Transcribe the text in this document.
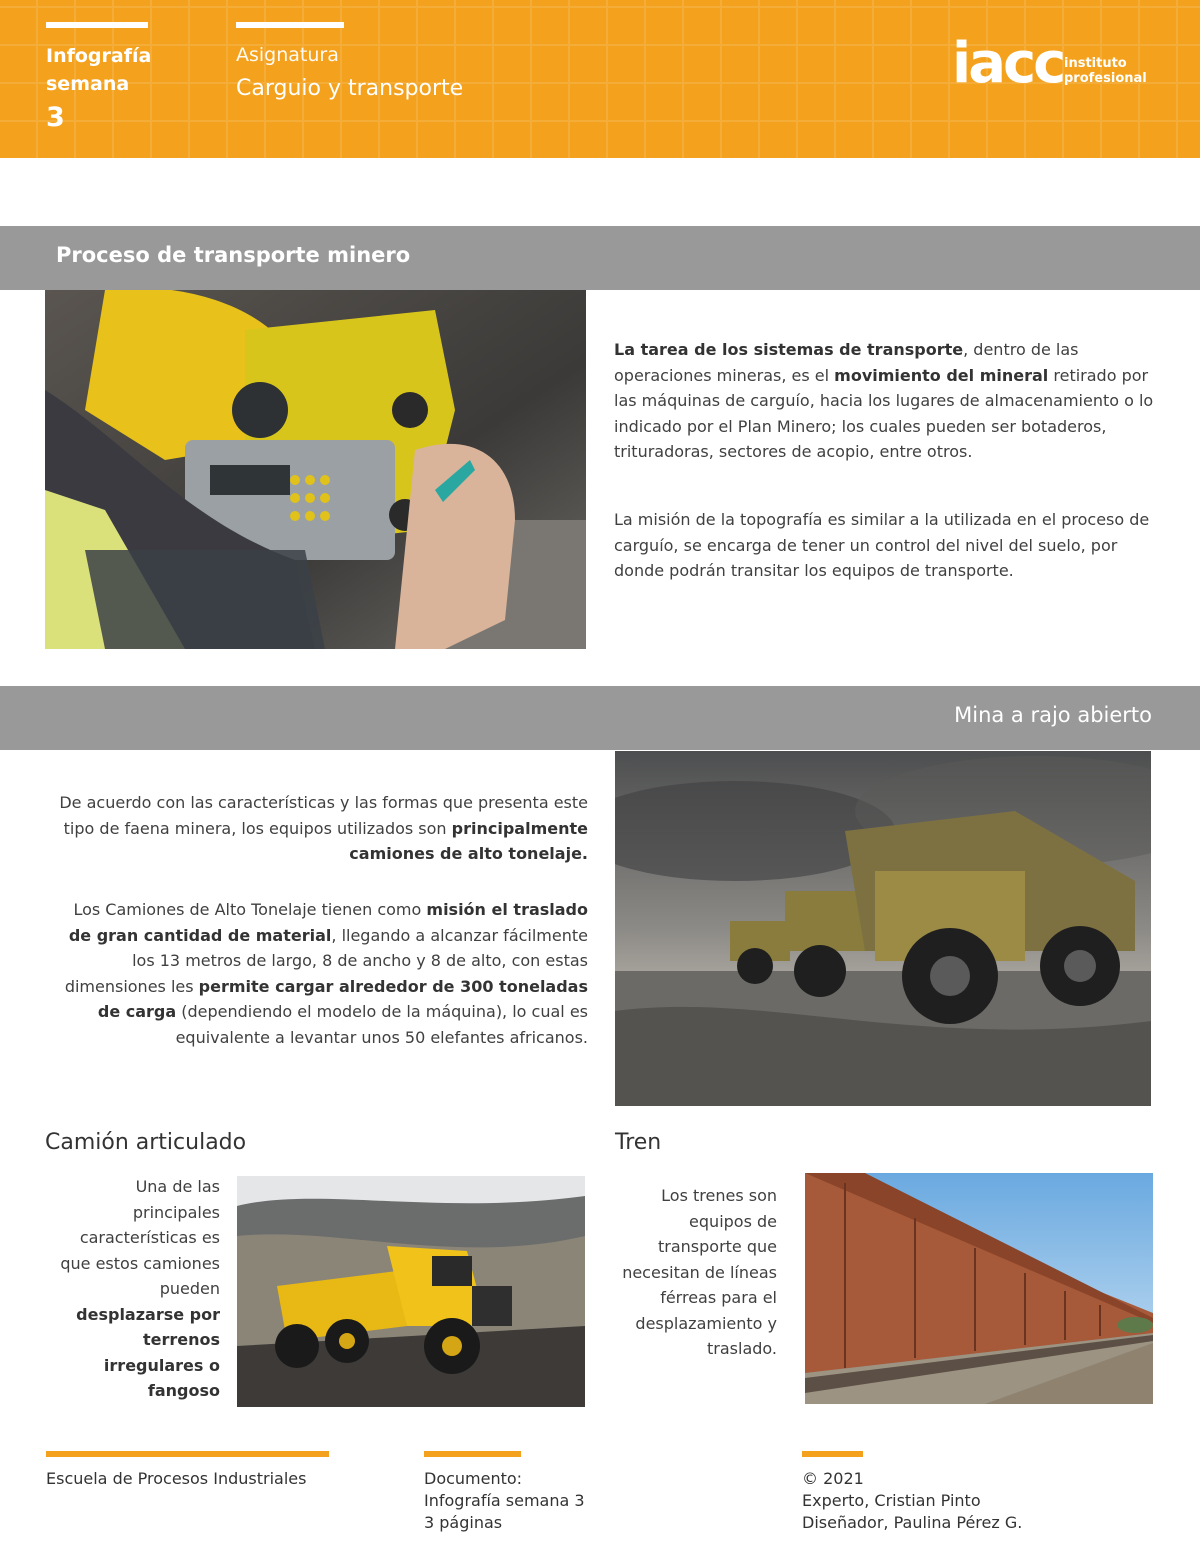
Infografía
semana
3
Asignatura
Carguio y transporte	iacc instituto
profesional
Proceso de transporte minero

La tarea de los sistemas de transporte, dentro de las operaciones mineras, es el movimiento del mineral retirado por las máquinas de carguío, hacia los lugares de almacenamiento o lo indicado por el Plan Minero; los cuales pueden ser botaderos, trituradoras, sectores de acopio, entre otros.

La misión de la topografía es similar a la utilizada en el proceso de carguío, se encarga de tener un control del nivel del suelo, por donde podrán transitar los equipos de transporte.

Mina a rajo abierto

De acuerdo con las características y las formas que presenta este tipo de faena minera, los equipos utilizados son principalmente camiones de alto tonelaje.

Los Camiones de Alto Tonelaje tienen como misión el traslado de gran cantidad de material, llegando a alcanzar fácilmente los 13 metros de largo, 8 de ancho y 8 de alto, con estas dimensiones les permite cargar alrededor de 300 toneladas de carga (dependiendo el modelo de la máquina), lo cual es equivalente a levantar unos 50 elefantes africanos.

Camión articulado

Una de las principales características es que estos camiones pueden desplazarse por terrenos irregulares o fangoso

Tren

Los trenes son equipos de transporte que necesitan de líneas férreas para el desplazamiento y traslado.

Escuela de Procesos Industriales	Documento:
Infografía semana 3
3 páginas
© 2021
Experto, Cristian Pinto
Diseñador, Paulina Pérez G.
